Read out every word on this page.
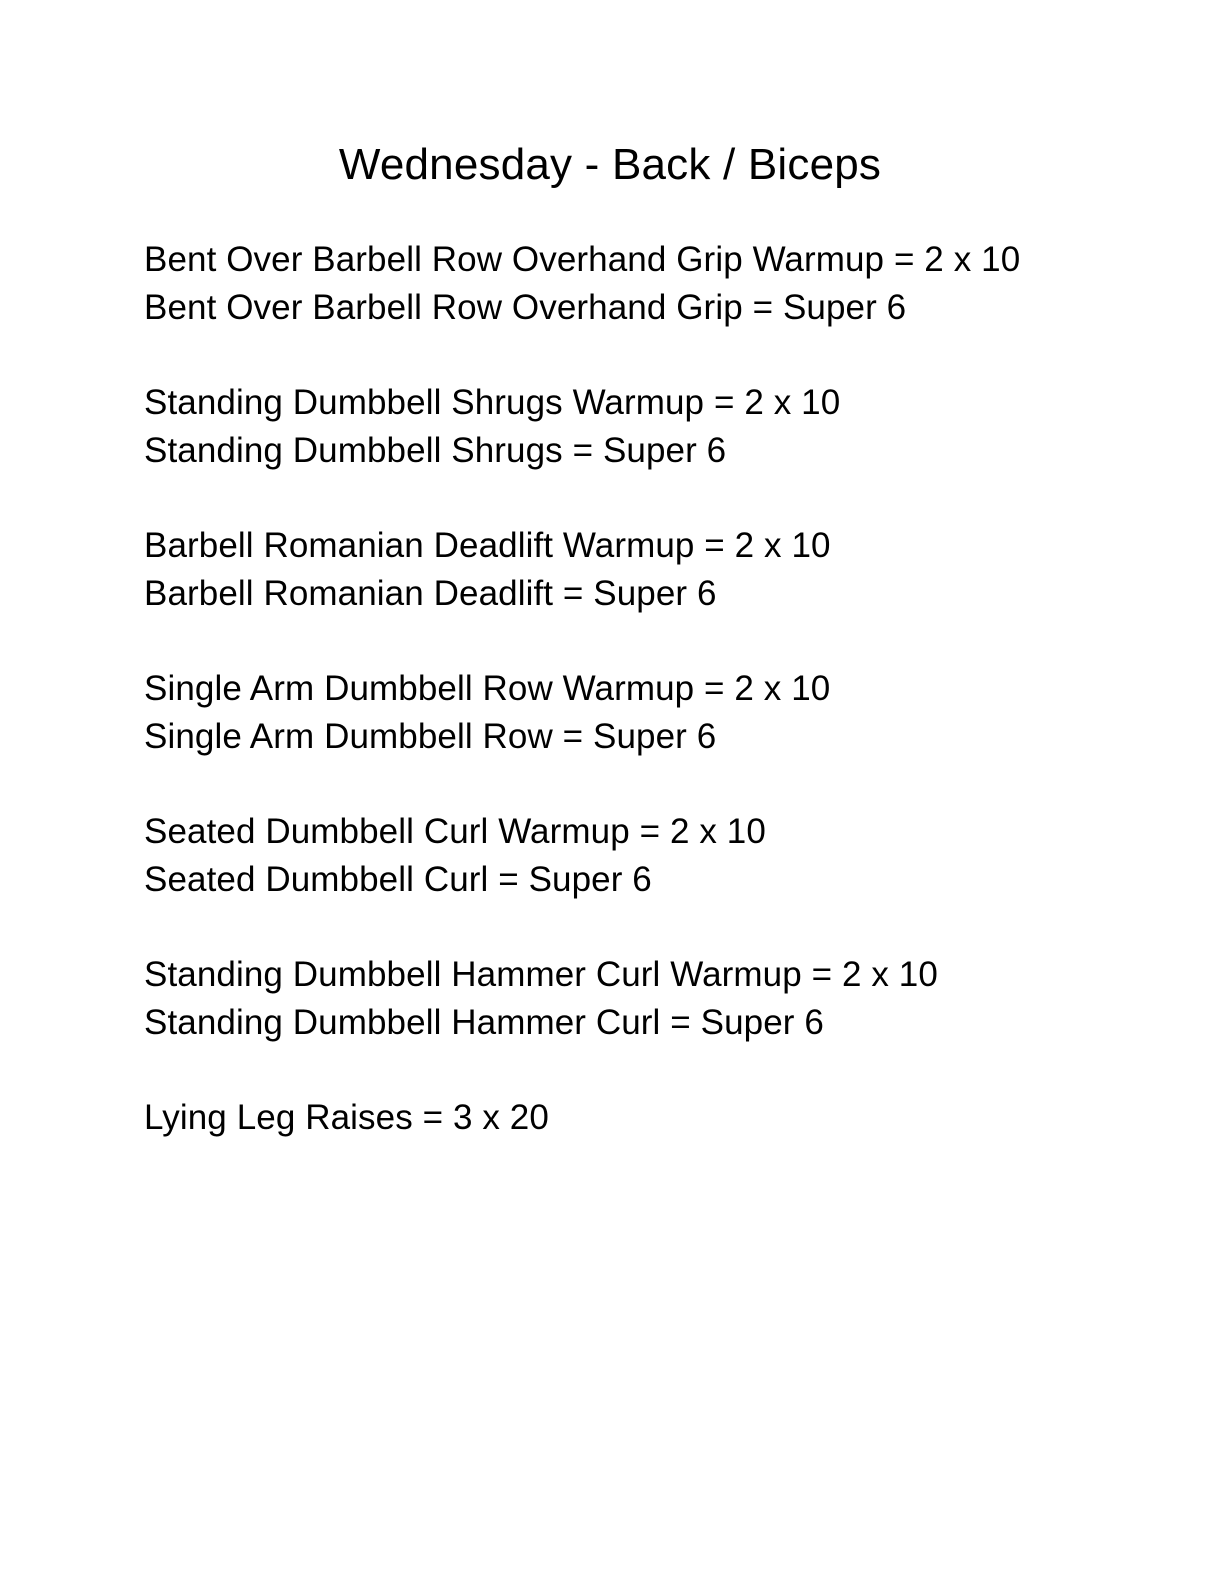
Wednesday - Back / Biceps
Bent Over Barbell Row Overhand Grip Warmup = 2 x 10
Bent Over Barbell Row Overhand Grip = Super 6
Standing Dumbbell Shrugs Warmup = 2 x 10
Standing Dumbbell Shrugs = Super 6
Barbell Romanian Deadlift Warmup = 2 x 10
Barbell Romanian Deadlift = Super 6
Single Arm Dumbbell Row Warmup = 2 x 10
Single Arm Dumbbell Row = Super 6
Seated Dumbbell Curl Warmup = 2 x 10
Seated Dumbbell Curl = Super 6
Standing Dumbbell Hammer Curl Warmup = 2 x 10
Standing Dumbbell Hammer Curl = Super 6
Lying Leg Raises = 3 x 20
